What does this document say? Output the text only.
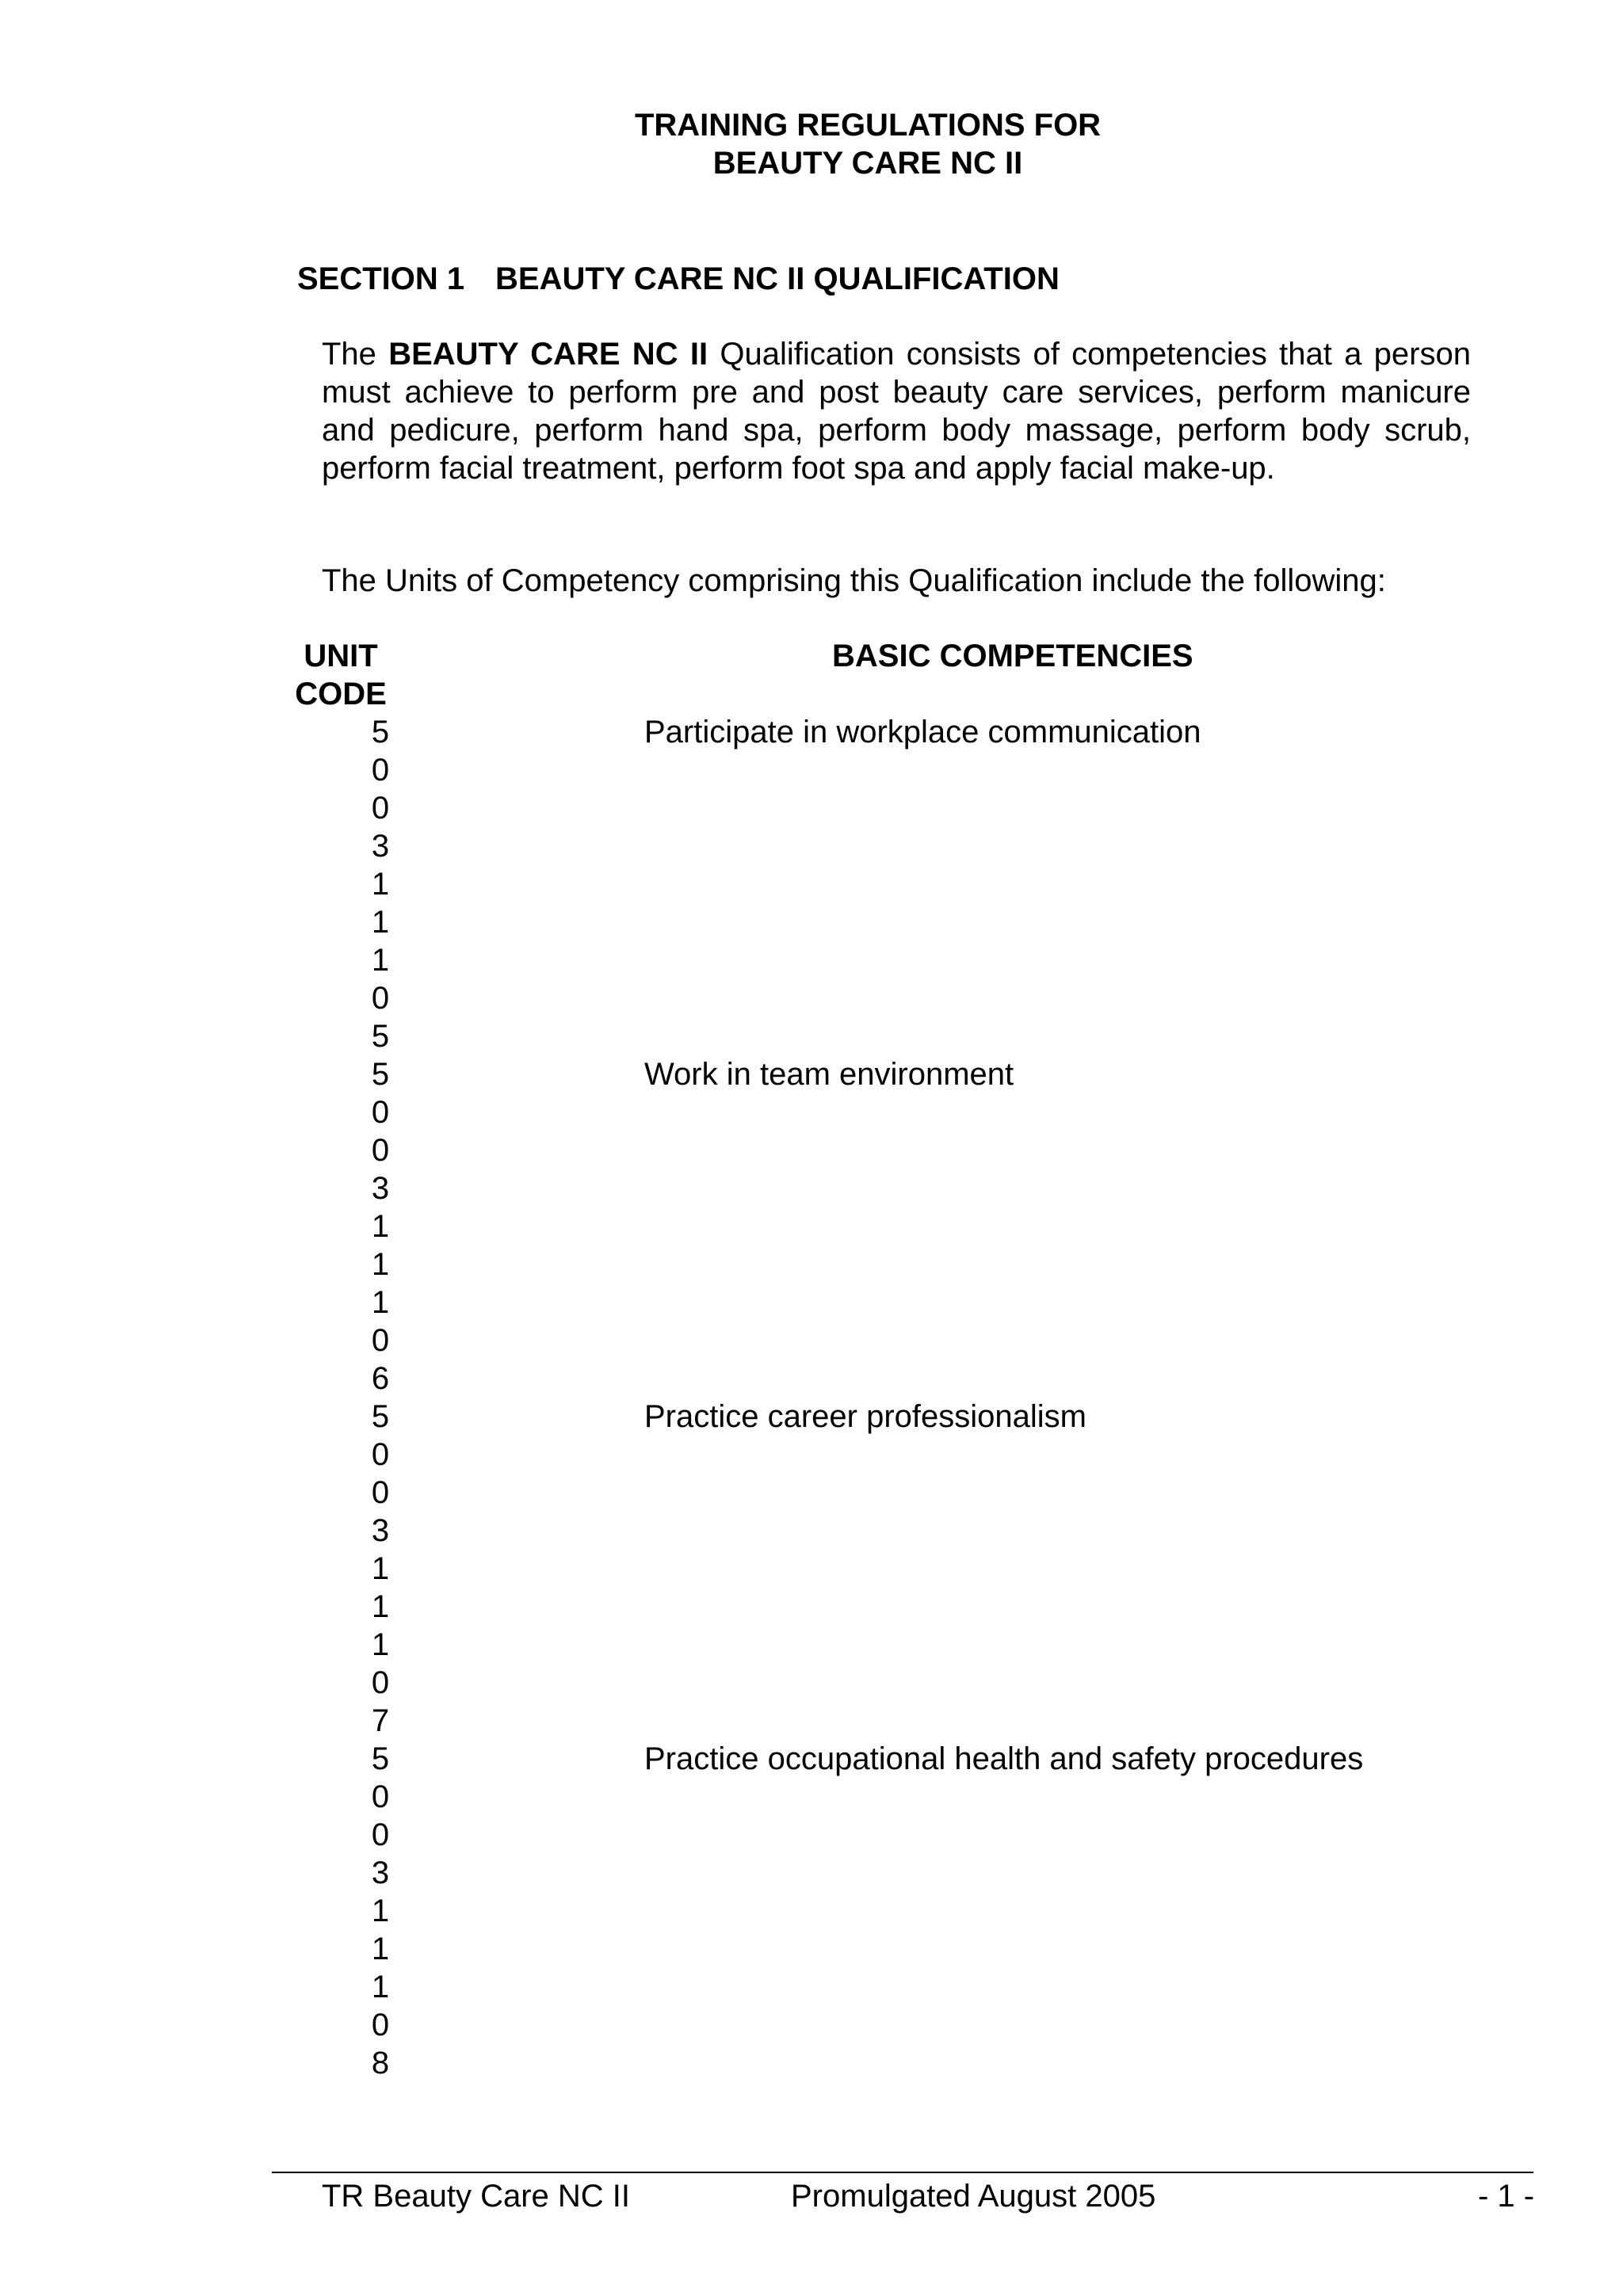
TRAINING REGULATIONS FOR
BEAUTY CARE NC II
SECTION 1 BEAUTY CARE NC II QUALIFICATION
The BEAUTY CARE NC II Qualification consists of competencies that a person must achieve to perform pre and post beauty care services, perform manicure and pedicure, perform hand spa, perform body massage, perform body scrub, perform facial treatment, perform foot spa and apply facial make-up.
The Units of Competency comprising this Qualification include the following:
UNIT
CODE
BASIC COMPETENCIES
5
0
0
3
1
1
1
0
5
Participate in workplace communication
5
0
0
3
1
1
1
0
6
Work in team environment
5
0
0
3
1
1
1
0
7
Practice career professionalism
5
0
0
3
1
1
1
0
8
Practice occupational health and safety procedures
TR Beauty Care NC II	Promulgated August 2005	- 1 -
